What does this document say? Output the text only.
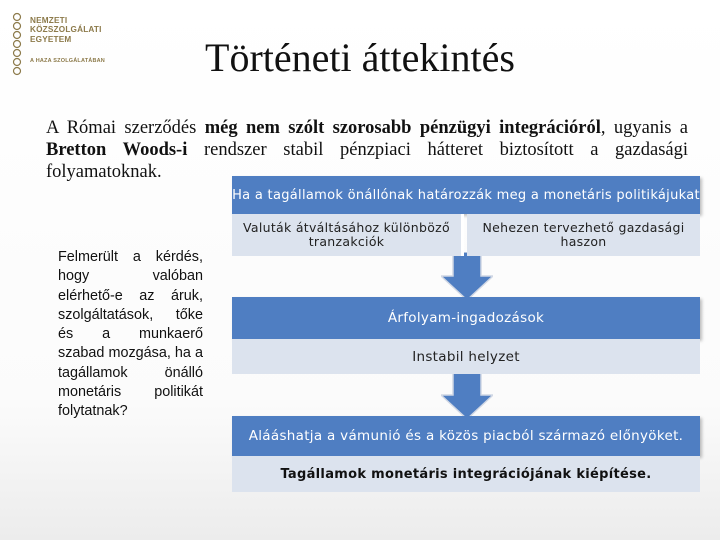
NEMZETI
KÖZSZOLGÁLATI
EGYETEM
A HAZA SZOLGÁLATÁBAN	Történeti áttekintés
A Római szerződés még nem szólt szorosabb pénzügyi integrációról, ugyanis a Bretton Woods-i rendszer stabil pénzpiaci hátteret biztosított a gazdasági folyamatoknak.
Felmerült a kérdés, hogy valóban elérhető-e az áruk, szolgáltatások, tőke és a munkaerő szabad mozgása, ha a tagállamok önálló monetáris politikát folytatnak?
Ha a tagállamok önállónak határozzák meg a monetáris politikájukat
Valuták átváltásához különböző tranzakciók
Nehezen tervezhető gazdasági haszon
Árfolyam-ingadozások
Instabil helyzet
Alááshatja a vámunió és a közös piacból származó előnyöket.
Tagállamok monetáris integrációjának kiépítése.
